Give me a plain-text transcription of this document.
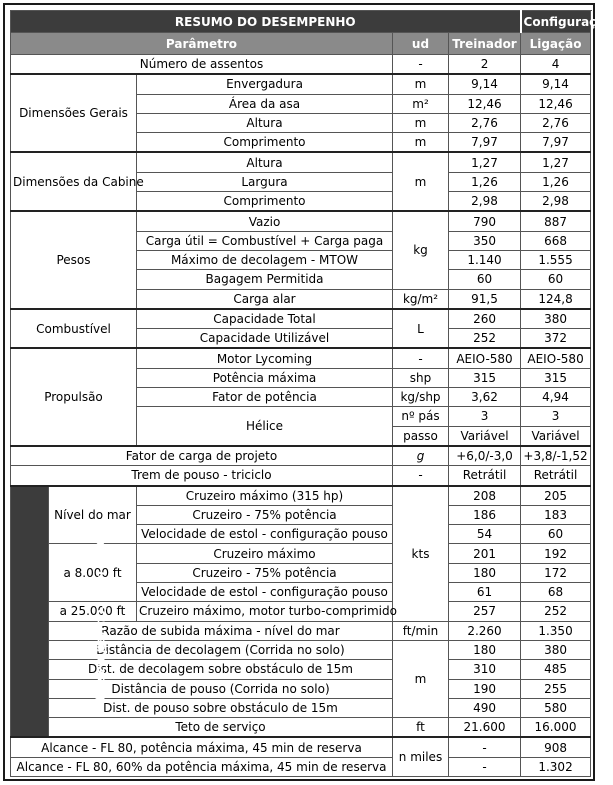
RESUMO DO DESEMPENHO					Configuração
Parâmetro			ud	Treinador	Ligação
Número de assentos			-	2	4
Dimensões Gerais		Envergadura	m	9,14	9,14
		Área da asa	m²	12,46	12,46
		Altura	m	2,76	2,76
		Comprimento	m	7,97	7,97
Dimensões da Cabine		Altura	m	1,27	1,27
		Largura		1,26	1,26
		Comprimento		2,98	2,98
Pesos		Vazio	kg	790	887
		Carga útil = Combustível + Carga paga		350	668
		Máximo de decolagem - MTOW		1.140	1.555
		Bagagem Permitida		60	60
		Carga alar	kg/m²	91,5	124,8
Combustível		Capacidade Total	L	260	380
		Capacidade Utilizável		252	372
Propulsão		Motor Lycoming	-	AEIO-580	AEIO-580
		Potência máxima	shp	315	315
		Fator de potência	kg/shp	3,62	4,94
		Hélice	nº pás	3	3
			passo	Variável	Variável
Fator de carga de projeto			g	+6,0/-3,0	+3,8/-1,52
Trem de pouso - triciclo			-	Retrátil	Retrátil
Desempenho, com MTOW	Nível do mar	Cruzeiro máximo (315 hp)	kts	208	205
		Cruzeiro - 75% potência		186	183
		Velocidade de estol - configuração pouso		54	60
	a 8.000 ft	Cruzeiro máximo		201	192
		Cruzeiro - 75% potência		180	172
		Velocidade de estol - configuração pouso		61	68
	a 25.000 ft	Cruzeiro máximo, motor turbo-comprimido		257	252
	Razão de subida máxima - nível do mar		ft/min	2.260	1.350
	Distância de decolagem (Corrida no solo)		m	180	380
	Dist. de decolagem sobre obstáculo de 15m			310	485
	Distância de pouso (Corrida no solo)			190	255
	Dist. de pouso sobre obstáculo de 15m			490	580
	Teto de serviço		ft	21.600	16.000
Alcance - FL 80, potência máxima, 45 min de reserva			n miles	-	908
Alcance - FL 80, 60% da potência máxima, 45 min de reserva				-	1.302
